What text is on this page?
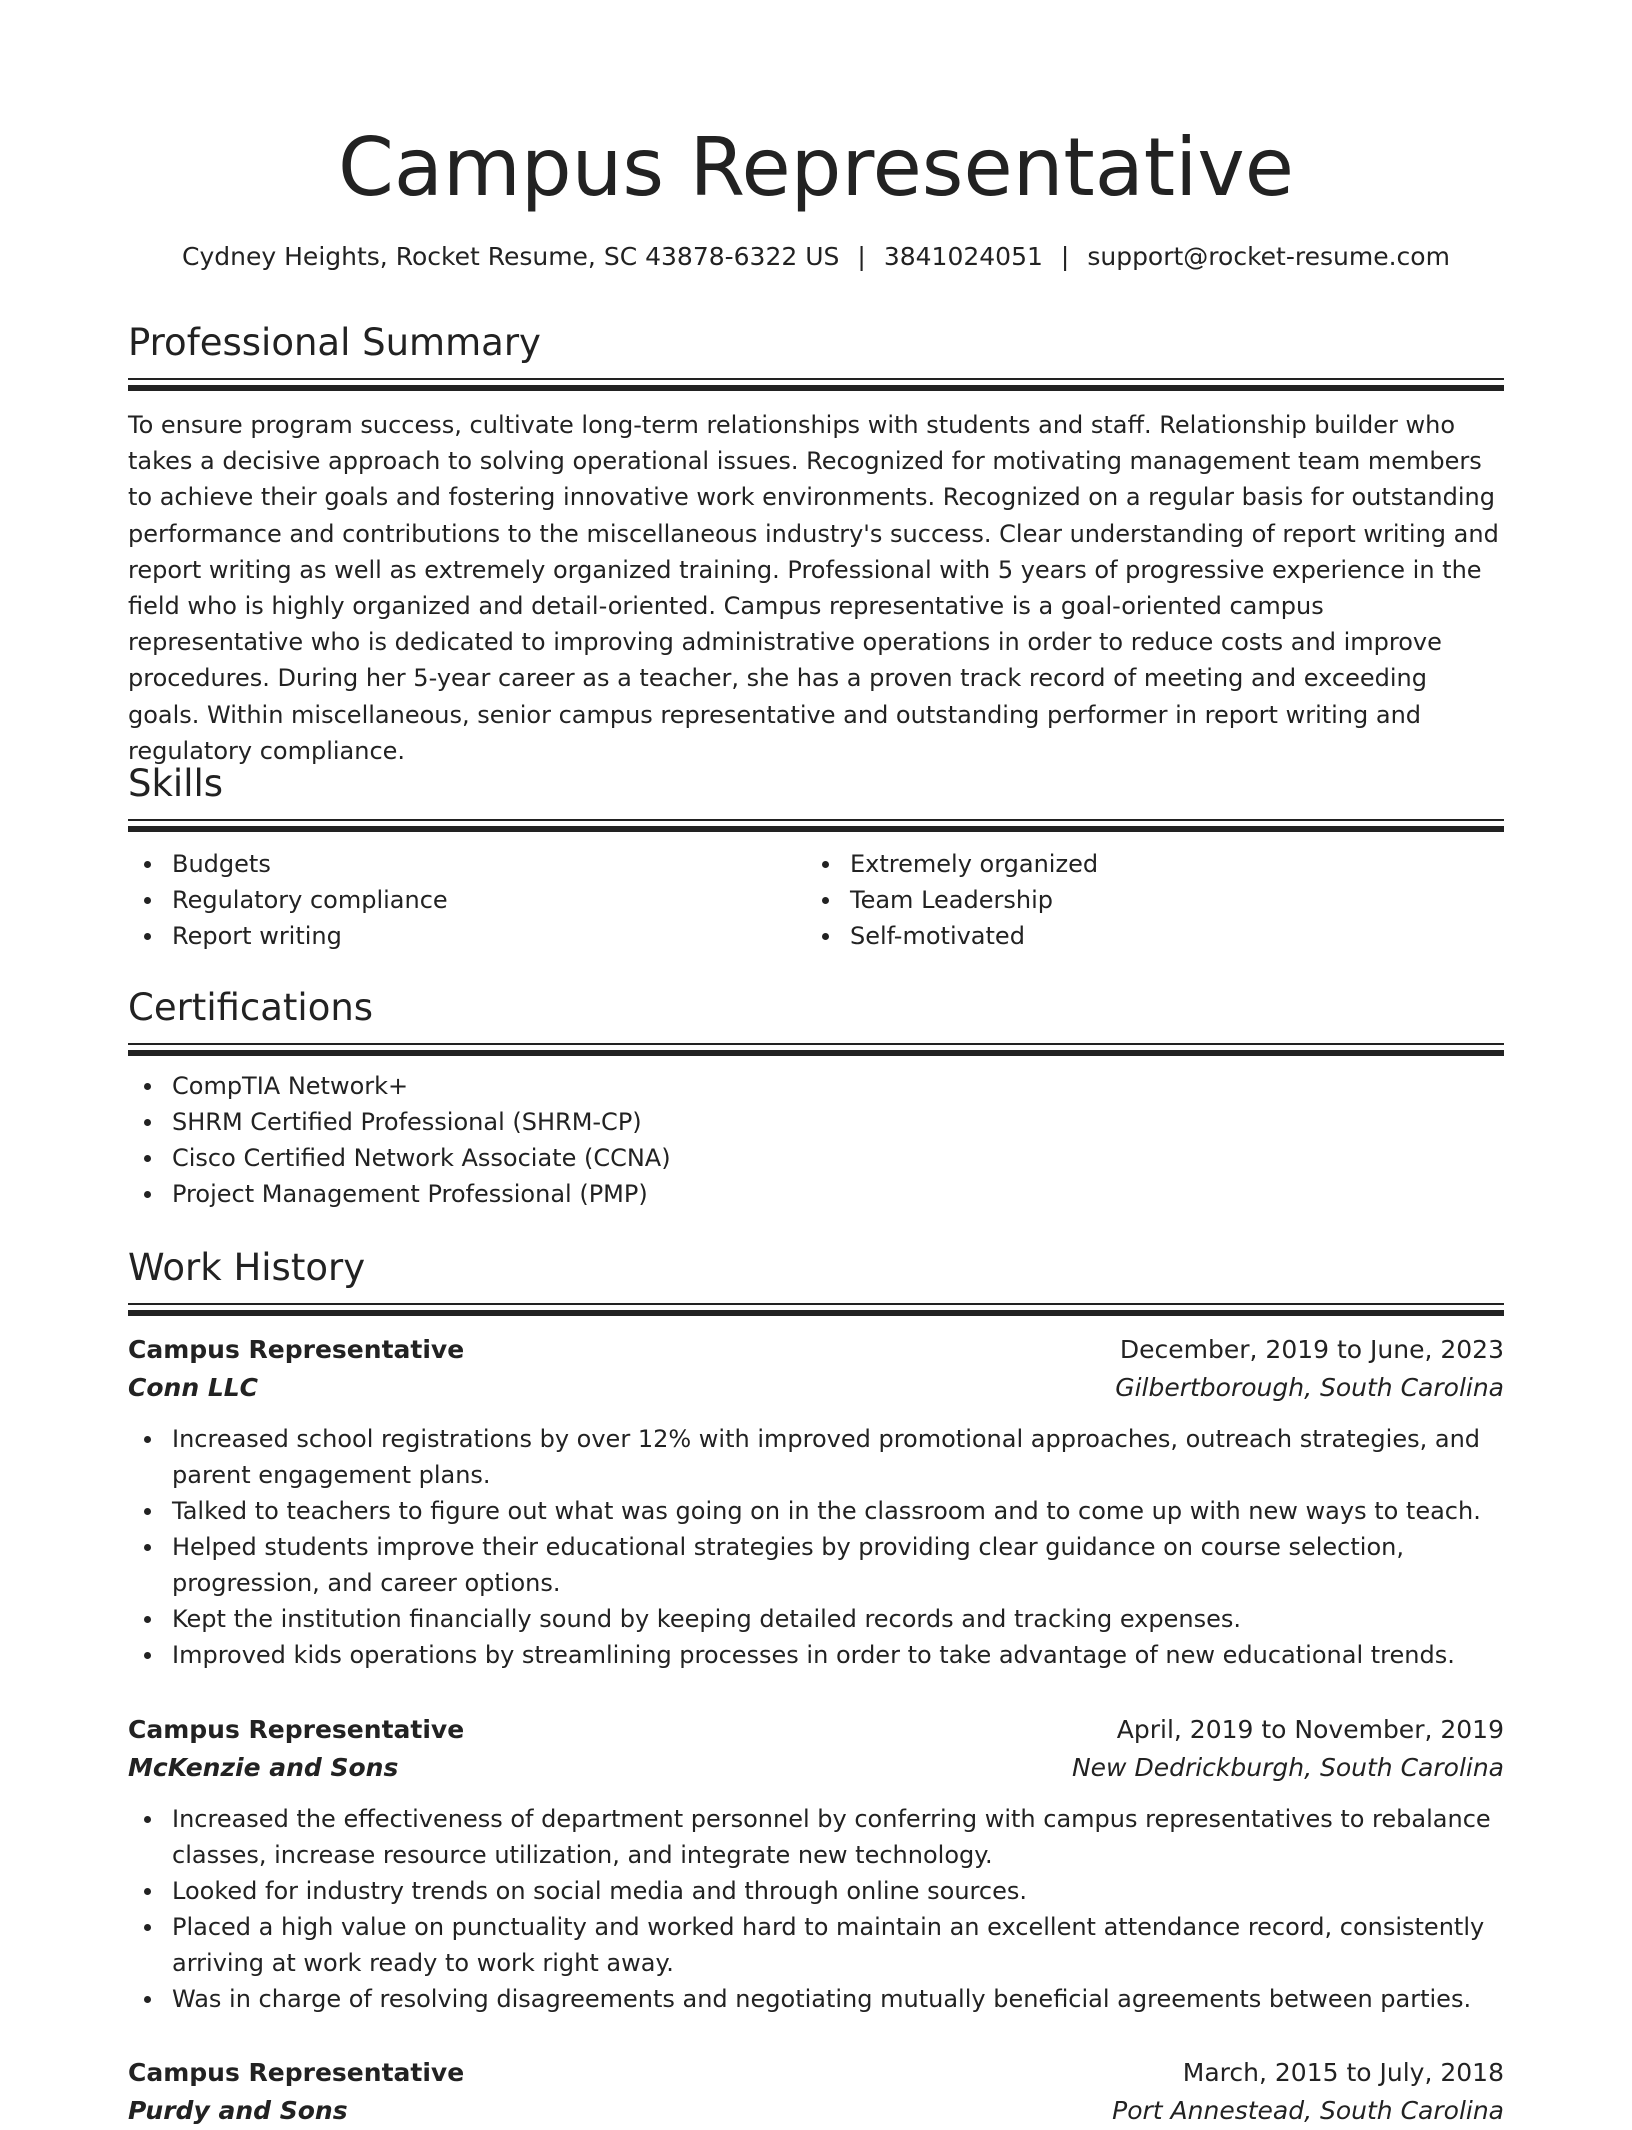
Campus Representative
Cydney Heights, Rocket Resume, SC 43878-6322 US | 3841024051 | support@rocket-resume.com
Professional Summary

To ensure program success, cultivate long-term relationships with students and staff. Relationship builder who takes a decisive approach to solving operational issues. Recognized for motivating management team members to achieve their goals and fostering innovative work environments. Recognized on a regular basis for outstanding performance and contributions to the miscellaneous industry's success. Clear understanding of report writing and report writing as well as extremely organized training. Professional with 5 years of progressive experience in the field who is highly organized and detail-oriented. Campus representative is a goal-oriented campus representative who is dedicated to improving administrative operations in order to reduce costs and improve procedures. During her 5-year career as a teacher, she has a proven track record of meeting and exceeding goals. Within miscellaneous, senior campus representative and outstanding performer in report writing and regulatory compliance.

Skills
Budgets
Regulatory compliance
Report writing
Extremely organized
Team Leadership
Self-motivated
Certifications
CompTIA Network+
SHRM Certified Professional (SHRM-CP)
Cisco Certified Network Associate (CCNA)
Project Management Professional (PMP)
Work History
Campus Representative	December, 2019 to June, 2023
Conn LLC	Gilbertborough, South Carolina
Increased school registrations by over 12% with improved promotional approaches, outreach strategies, and parent engagement plans.
Talked to teachers to figure out what was going on in the classroom and to come up with new ways to teach.
Helped students improve their educational strategies by providing clear guidance on course selection, progression, and career options.
Kept the institution financially sound by keeping detailed records and tracking expenses.
Improved kids operations by streamlining processes in order to take advantage of new educational trends.
Campus Representative	April, 2019 to November, 2019
McKenzie and Sons	New Dedrickburgh, South Carolina
Increased the effectiveness of department personnel by conferring with campus representatives to rebalance classes, increase resource utilization, and integrate new technology.
Looked for industry trends on social media and through online sources.
Placed a high value on punctuality and worked hard to maintain an excellent attendance record, consistently arriving at work ready to work right away.
Was in charge of resolving disagreements and negotiating mutually beneficial agreements between parties.
Campus Representative	March, 2015 to July, 2018
Purdy and Sons	Port Annestead, South Carolina
